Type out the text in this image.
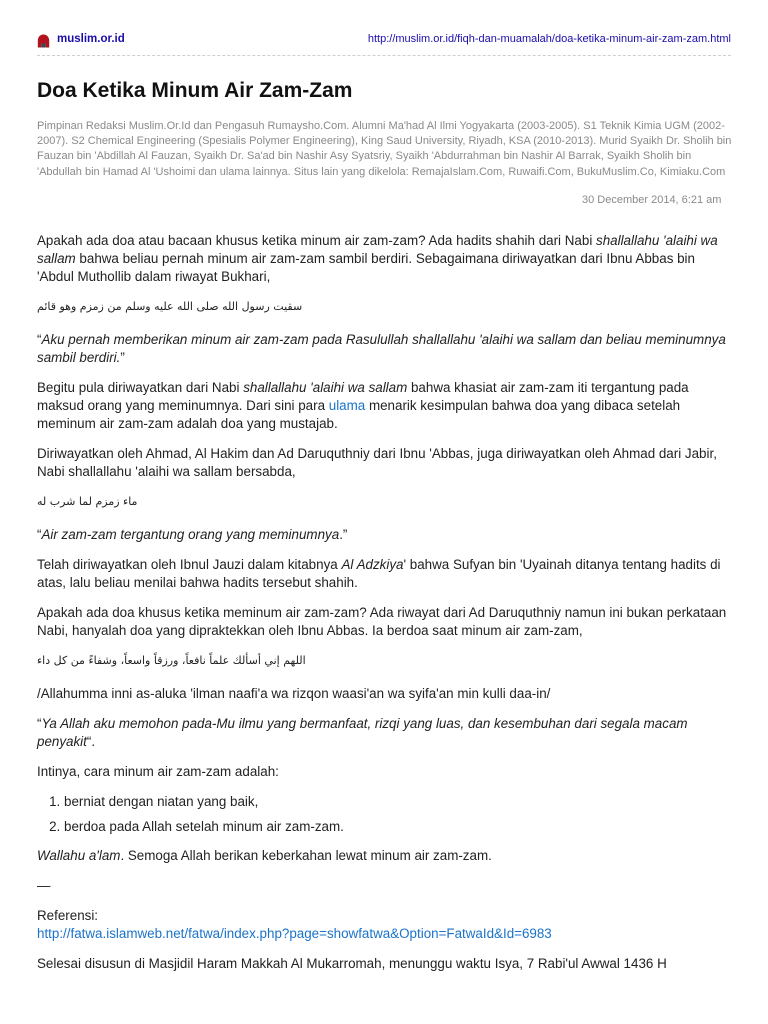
muslim.or.id	http://muslim.or.id/fiqh-dan-muamalah/doa-ketika-minum-air-zam-zam.html
Doa Ketika Minum Air Zam-Zam

Pimpinan Redaksi Muslim.Or.Id dan Pengasuh Rumaysho.Com. Alumni Ma'had Al Ilmi Yogyakarta (2003-2005). S1 Teknik Kimia UGM (2002-2007). S2 Chemical Engineering (Spesialis Polymer Engineering), King Saud University, Riyadh, KSA (2010-2013). Murid Syaikh Dr. Sholih bin Fauzan bin 'Abdillah Al Fauzan, Syaikh Dr. Sa'ad bin Nashir Asy Syatsriy, Syaikh 'Abdurrahman bin Nashir Al Barrak, Syaikh Sholih bin 'Abdullah bin Hamad Al 'Ushoimi dan ulama lainnya. Situs lain yang dikelola: RemajaIslam.Com, Ruwaifi.Com, BukuMuslim.Co, Kimiaku.Com

30 December 2014, 6:21 am

Apakah ada doa atau bacaan khusus ketika minum air zam-zam? Ada hadits shahih dari Nabi shallallahu 'alaihi wa sallam bahwa beliau pernah minum air zam-zam sambil berdiri. Sebagaimana diriwayatkan dari Ibnu Abbas bin 'Abdul Muthollib dalam riwayat Bukhari,

سقيت رسول الله صلى الله عليه وسلم من زمزم وهو قائم

“Aku pernah memberikan minum air zam-zam pada Rasulullah shallallahu 'alaihi wa sallam dan beliau meminumnya sambil berdiri.”

Begitu pula diriwayatkan dari Nabi shallallahu 'alaihi wa sallam bahwa khasiat air zam-zam iti tergantung pada maksud orang yang meminumnya. Dari sini para ulama menarik kesimpulan bahwa doa yang dibaca setelah meminum air zam-zam adalah doa yang mustajab.

Diriwayatkan oleh Ahmad, Al Hakim dan Ad Daruquthniy dari Ibnu 'Abbas, juga diriwayatkan oleh Ahmad dari Jabir, Nabi shallallahu 'alaihi wa sallam bersabda,

ماء زمزم لما شرب له

“Air zam-zam tergantung orang yang meminumnya.”

Telah diriwayatkan oleh Ibnul Jauzi dalam kitabnya Al Adzkiya' bahwa Sufyan bin 'Uyainah ditanya tentang hadits di atas, lalu beliau menilai bahwa hadits tersebut shahih.

Apakah ada doa khusus ketika meminum air zam-zam? Ada riwayat dari Ad Daruquthniy namun ini bukan perkataan Nabi, hanyalah doa yang dipraktekkan oleh Ibnu Abbas. Ia berdoa saat minum air zam-zam,

اللهم إني أسألك علماً نافعاً، ورزقاً واسعاً، وشفاءً من كل داء

/Allahumma inni as-aluka 'ilman naafi'a wa rizqon waasi'an wa syifa'an min kulli daa-in/

“Ya Allah aku memohon pada-Mu ilmu yang bermanfaat, rizqi yang luas, dan kesembuhan dari segala macam penyakit“.

Intinya, cara minum air zam-zam adalah:

1. berniat dengan niatan yang baik,
2. berdoa pada Allah setelah minum air zam-zam.

Wallahu a'lam. Semoga Allah berikan keberkahan lewat minum air zam-zam.

—

Referensi:
http://fatwa.islamweb.net/fatwa/index.php?page=showfatwa&Option=FatwaId&Id=6983

Selesai disusun di Masjidil Haram Makkah Al Mukarromah, menunggu waktu Isya, 7 Rabi'ul Awwal 1436 H
